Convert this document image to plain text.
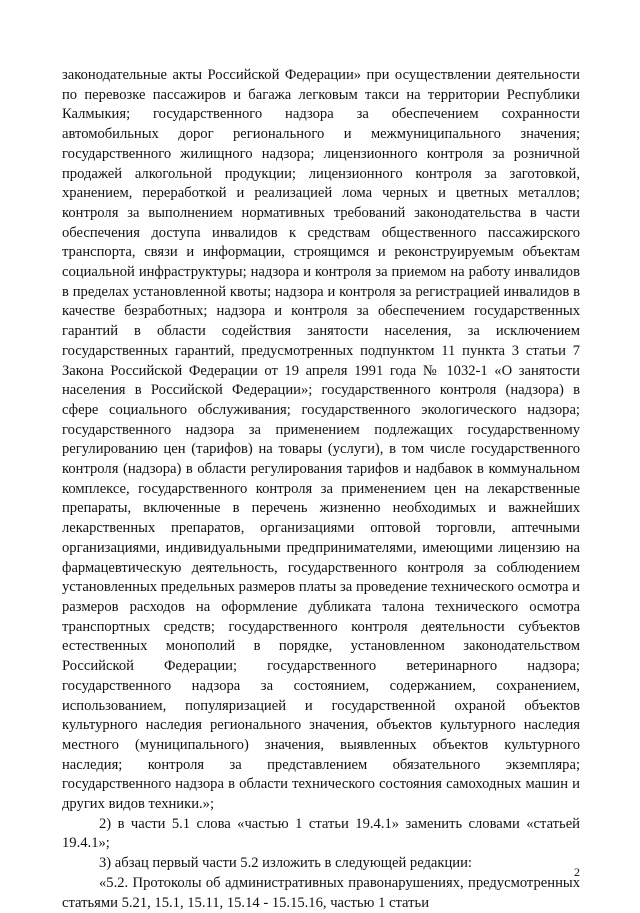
законодательные акты Российской Федерации» при осуществлении деятельности по перевозке пассажиров и багажа легковым такси на территории Республики Калмыкия; государственного надзора за обеспечением сохранности автомобильных дорог регионального и межмуниципального значения; государственного жилищного надзора; лицензионного контроля за розничной продажей алкогольной продукции; лицензионного контроля за заготовкой, хранением, переработкой и реализацией лома черных и цветных металлов; контроля за выполнением нормативных требований законодательства в части обеспечения доступа инвалидов к средствам общественного пассажирского транспорта, связи и информации, строящимся и реконструируемым объектам социальной инфраструктуры; надзора и контроля за приемом на работу инвалидов в пределах установленной квоты; надзора и контроля за регистрацией инвалидов в качестве безработных; надзора и контроля за обеспечением государственных гарантий в области содействия занятости населения, за исключением государственных гарантий, предусмотренных подпунктом 11 пункта 3 статьи 7 Закона Российской Федерации от 19 апреля 1991 года № 1032-1 «О занятости населения в Российской Федерации»; государственного контроля (надзора) в сфере социального обслуживания; государственного экологического надзора; государственного надзора за применением подлежащих государственному регулированию цен (тарифов) на товары (услуги), в том числе государственного контроля (надзора) в области регулирования тарифов и надбавок в коммунальном комплексе, государственного контроля за применением цен на лекарственные препараты, включенные в перечень жизненно необходимых и важнейших лекарственных препаратов, организациями оптовой торговли, аптечными организациями, индивидуальными предпринимателями, имеющими лицензию на фармацевтическую деятельность, государственного контроля за соблюдением установленных предельных размеров платы за проведение технического осмотра и размеров расходов на оформление дубликата талона технического осмотра транспортных средств; государственного контроля деятельности субъектов естественных монополий в порядке, установленном законодательством Российской Федерации; государственного ветеринарного надзора; государственного надзора за состоянием, содержанием, сохранением, использованием, популяризацией и государственной охраной объектов культурного наследия регионального значения, объектов культурного наследия местного (муниципального) значения, выявленных объектов культурного наследия; контроля за представлением обязательного экземпляра; государственного надзора в области технического состояния самоходных машин и других видов техники.»;

2) в части 5.1 слова «частью 1 статьи 19.4.1» заменить словами «статьей 19.4.1»;

3) абзац первый части 5.2 изложить в следующей редакции:

«5.2. Протоколы об административных правонарушениях, предусмотренных статьями 5.21, 15.1, 15.11, 15.14 - 15.15.16, частью 1 статьи

2
